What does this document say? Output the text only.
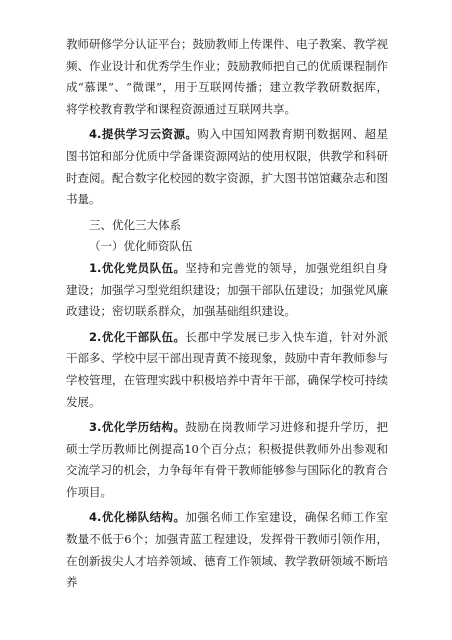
教师研修学分认证平台；鼓励教师上传课件、电子教案、教学视频、作业设计和优秀学生作业；鼓励教师把自己的优质课程制作成“慕课”、“微课”，用于互联网传播；建立教学教研数据库，将学校教育教学和课程资源通过互联网共享。

4.提供学习云资源。购入中国知网教育期刊数据网、超星图书馆和部分优质中学备课资源网站的使用权限，供教学和科研时查阅。配合数字化校园的数字资源，扩大图书馆馆藏杂志和图书量。

三、优化三大体系

（一）优化师资队伍

1.优化党员队伍。坚持和完善党的领导，加强党组织自身建设；加强学习型党组织建设；加强干部队伍建设；加强党风廉政建设；密切联系群众，加强基础组织建设。

2.优化干部队伍。长郡中学发展已步入快车道，针对外派干部多、学校中层干部出现青黄不接现象，鼓励中青年教师参与学校管理，在管理实践中积极培养中青年干部，确保学校可持续发展。

3.优化学历结构。鼓励在岗教师学习进修和提升学历，把硕士学历教师比例提高10个百分点；积极提供教师外出参观和交流学习的机会，力争每年有骨干教师能够参与国际化的教育合作项目。

4.优化梯队结构。加强名师工作室建设，确保名师工作室数量不低于6个；加强青蓝工程建设，发挥骨干教师引领作用，在创新拔尖人才培养领域、德育工作领域、教学教研领域不断培养
